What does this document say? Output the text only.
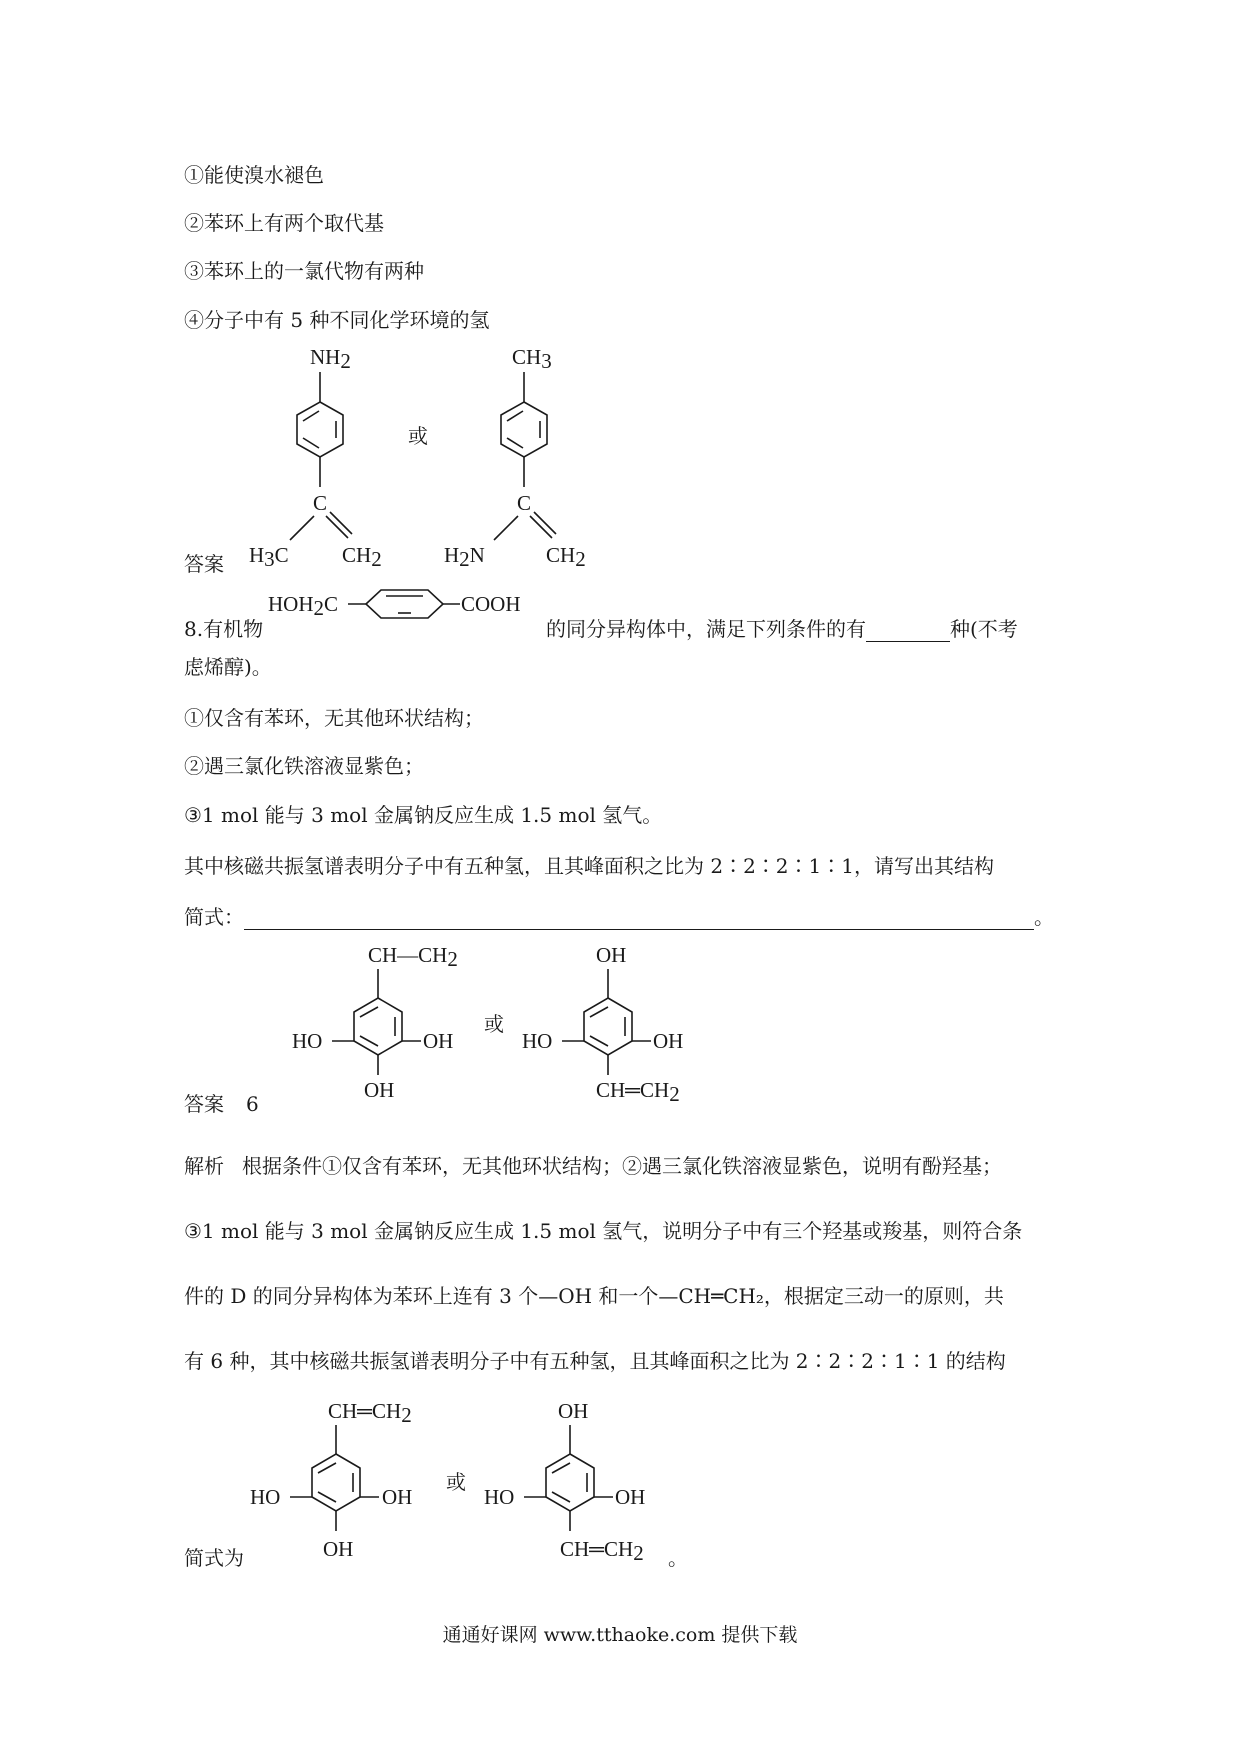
①能使溴水褪色
②苯环上有两个取代基
③苯环上的一氯代物有两种
④分子中有 5 种不同化学环境的氢
NH2
C
H3C	CH2
或
CH3
C
H2N	CH2
答案
8.有机物
HOH2C	COOH
的同分异构体中，满足下列条件的有	种(不考
虑烯醇)。
①仅含有苯环，无其他环状结构；
②遇三氯化铁溶液显紫色；
③1 mol 能与 3 mol 金属钠反应生成 1.5 mol 氢气。
其中核磁共振氢谱表明分子中有五种氢，且其峰面积之比为 2∶2∶2∶1∶1，请写出其结构
简式：	。
CH—CH2
HO	OH
OH
或
OH
HO	OH
CH═CH2
答案 6
解析 根据条件①仅含有苯环，无其他环状结构；②遇三氯化铁溶液显紫色，说明有酚羟基；
③1 mol 能与 3 mol 金属钠反应生成 1.5 mol 氢气，说明分子中有三个羟基或羧基，则符合条
件的 D 的同分异构体为苯环上连有 3 个—OH 和一个—CH═CH₂，根据定三动一的原则，共
有 6 种，其中核磁共振氢谱表明分子中有五种氢，且其峰面积之比为 2∶2∶2∶1∶1 的结构
CH═CH2
HO	OH
OH
或
OH
HO	OH
CH═CH2 。
简式为
通通好课网 www.tthaoke.com 提供下载
